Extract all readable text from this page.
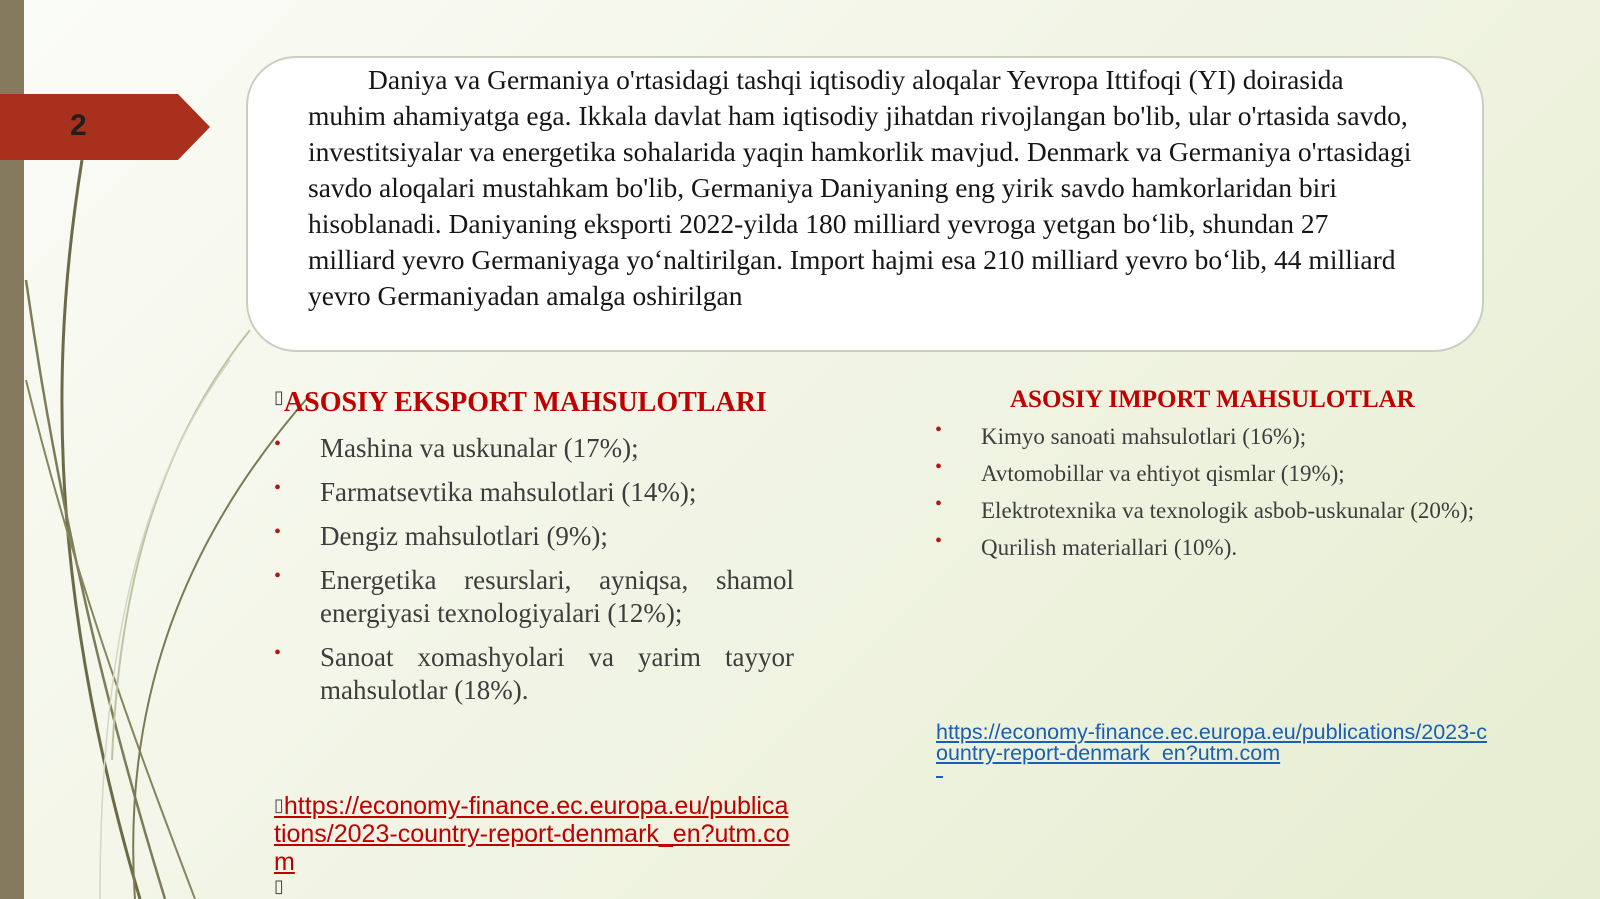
2

Daniya va Germaniya o'rtasidagi tashqi iqtisodiy aloqalar Yevropa Ittifoqi (YI) doirasida muhim ahamiyatga ega. Ikkala davlat ham iqtisodiy jihatdan rivojlangan bo'lib, ular o'rtasida savdo, investitsiyalar va energetika sohalarida yaqin hamkorlik mavjud. Denmark va Germaniya o'rtasidagi savdo aloqalari mustahkam bo'lib, Germaniya Daniyaning eng yirik savdo hamkorlaridan biri hisoblanadi. Daniyaning eksporti 2022-yilda 180 milliard yevroga yetgan bo‘lib, shundan 27 milliard yevro Germaniyaga yo‘naltirilgan. Import hajmi esa 210 milliard yevro bo‘lib, 44 milliard yevro Germaniyadan amalga oshirilgan

▯ASOSIY EKSPORT MAHSULOTLARI
• Mashina va uskunalar (17%);
• Farmatsevtika mahsulotlari (14%);
• Dengiz mahsulotlari (9%);
• Energetika resurslari, ayniqsa, shamol energiyasi texnologiyalari (12%);
• Sanoat xomashyolari va yarim tayyor mahsulotlar (18%).
▯https://economy-finance.ec.europa.eu/publications/2023-country-report-denmark_en?utm.com
▯
ASOSIY IMPORT MAHSULOTLAR
• Kimyo sanoati mahsulotlari (16%);
• Avtomobillar va ehtiyot qismlar (19%);
• Elektrotexnika va texnologik asbob-uskunalar (20%);
• Qurilish materiallari (10%).
https://economy-finance.ec.europa.eu/publications/2023-country-report-denmark_en?utm.com
